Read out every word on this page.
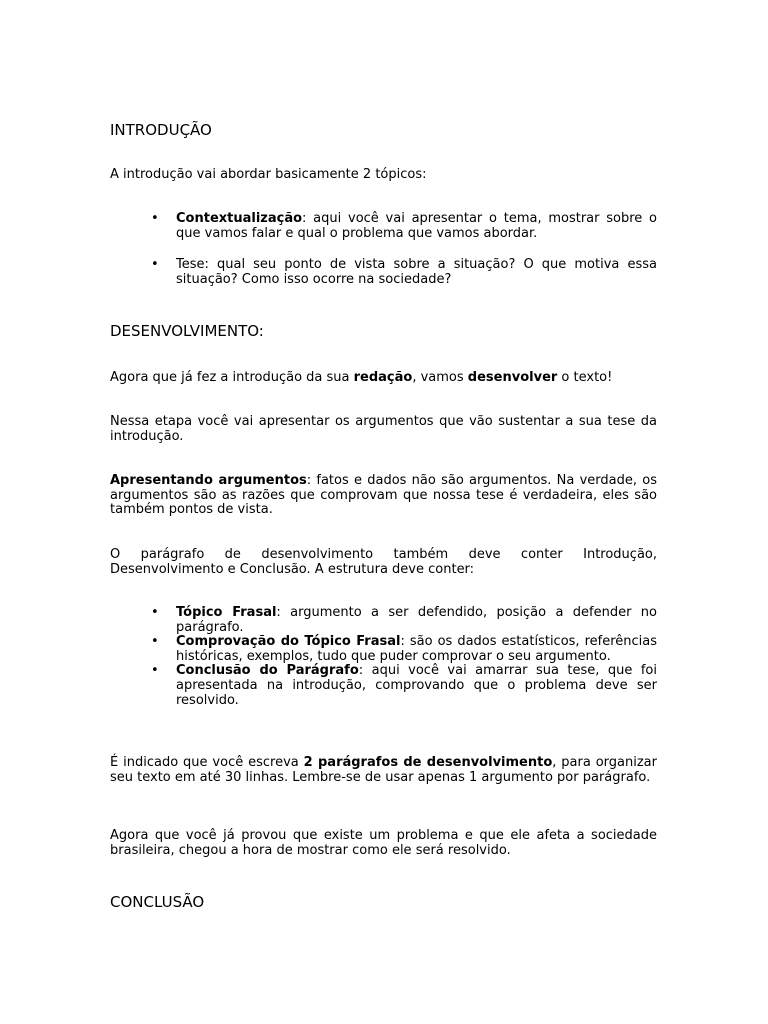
INTRODUÇÃO

A introdução vai abordar basicamente 2 tópicos:

• Contextualização: aqui você vai apresentar o tema, mostrar sobre o que vamos falar e qual o problema que vamos abordar.
• Tese: qual seu ponto de vista sobre a situação? O que motiva essa situação? Como isso ocorre na sociedade?
DESENVOLVIMENTO:

Agora que já fez a introdução da sua redação, vamos desenvolver o texto!

Nessa etapa você vai apresentar os argumentos que vão sustentar a sua tese da introdução.

Apresentando argumentos: fatos e dados não são argumentos. Na verdade, os argumentos são as razões que comprovam que nossa tese é verdadeira, eles são também pontos de vista.

O parágrafo de desenvolvimento também deve conter Introdução, Desenvolvimento e Conclusão. A estrutura deve conter:

• Tópico Frasal: argumento a ser defendido, posição a defender no parágrafo.
• Comprovação do Tópico Frasal: são os dados estatísticos, referências históricas, exemplos, tudo que puder comprovar o seu argumento.
• Conclusão do Parágrafo: aqui você vai amarrar sua tese, que foi apresentada na introdução, comprovando que o problema deve ser resolvido.

É indicado que você escreva 2 parágrafos de desenvolvimento, para organizar seu texto em até 30 linhas. Lembre-se de usar apenas 1 argumento por parágrafo.

Agora que você já provou que existe um problema e que ele afeta a sociedade brasileira, chegou a hora de mostrar como ele será resolvido.

CONCLUSÃO
